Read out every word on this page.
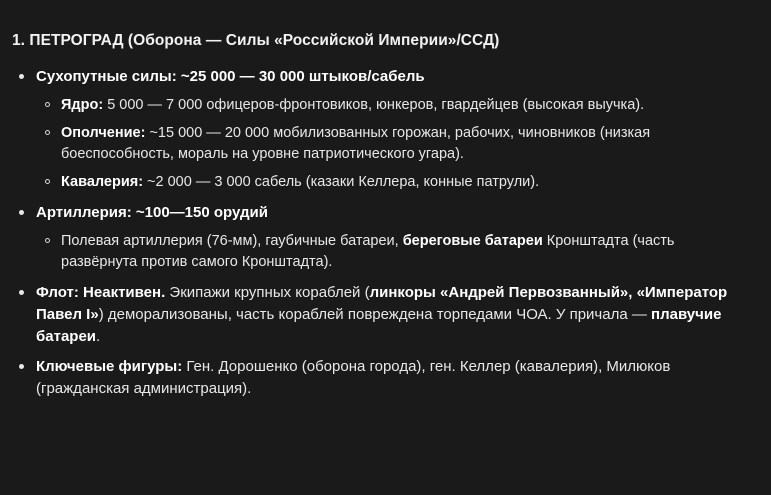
1. ПЕТРОГРАД (Оборона — Силы «Российской Империи»/ССД)
Сухопутные силы: ~25 000 — 30 000 штыков/сабель
Ядро: 5 000 — 7 000 офицеров-фронтовиков, юнкеров, гвардейцев (высокая выучка).
Ополчение: ~15 000 — 20 000 мобилизованных горожан, рабочих, чиновников (низкая боеспособность, мораль на уровне патриотического угара).
Кавалерия: ~2 000 — 3 000 сабель (казаки Келлера, конные патрули).
Артиллерия: ~100—150 орудий
Полевая артиллерия (76-мм), гаубичные батареи, береговые батареи Кронштадта (часть развёрнута против самого Кронштадта).
Флот: Неактивен. Экипажи крупных кораблей (линкоры «Андрей Первозванный», «Император Павел I») деморализованы, часть кораблей повреждена торпедами ЧОА. У причала — плавучие батареи.
Ключевые фигуры: Ген. Дорошенко (оборона города), ген. Келлер (кавалерия), Милюков (гражданская администрация).
